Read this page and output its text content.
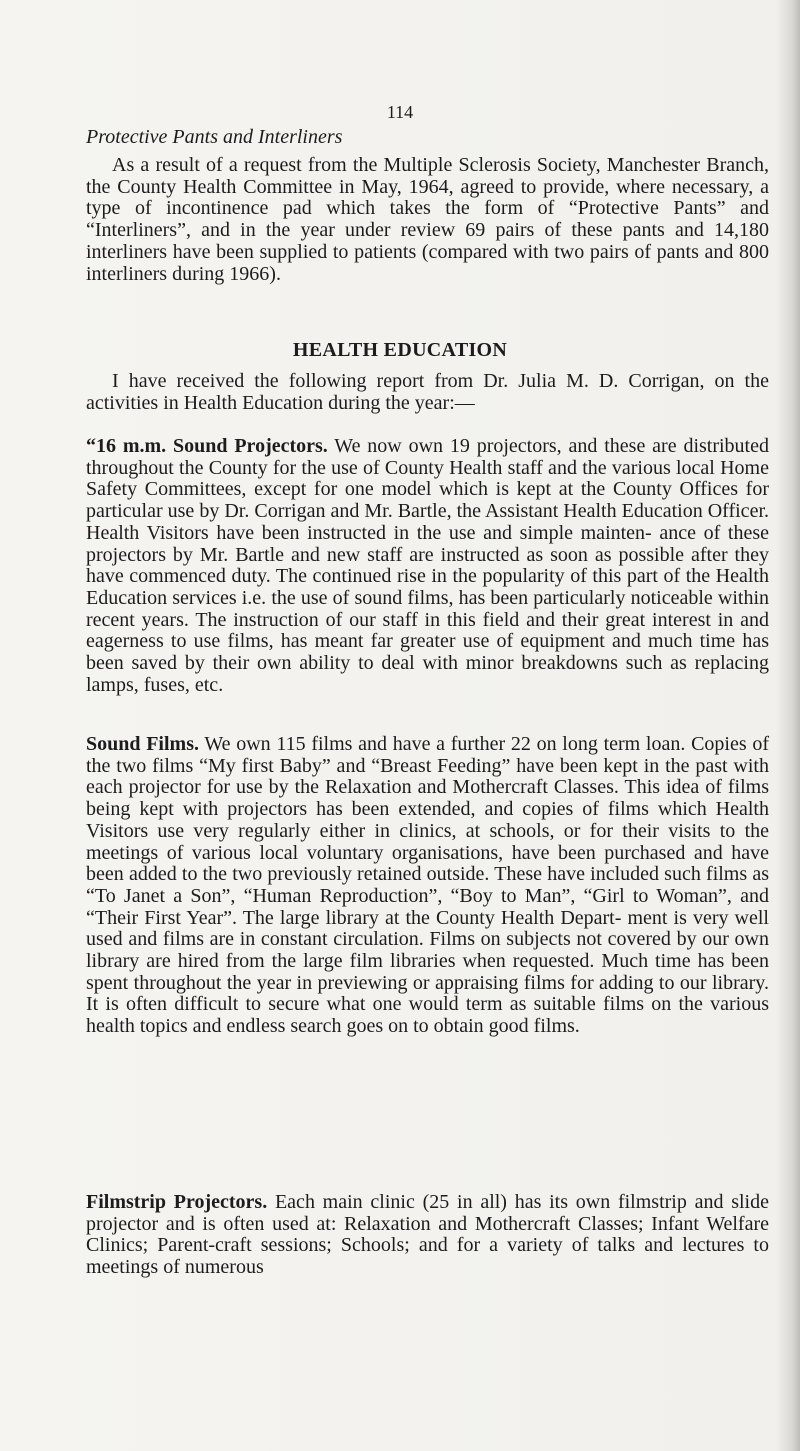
114
Protective Pants and Interliners

As a result of a request from the Multiple Sclerosis Society, Manchester Branch, the County Health Committee in May, 1964, agreed to provide, where necessary, a type of incontinence pad which takes the form of “Protective Pants” and “Interliners”, and in the year under review 69 pairs of these pants and 14,180 interliners have been supplied to patients (compared with two pairs of pants and 800 interliners during 1966).

HEALTH EDUCATION

I have received the following report from Dr. Julia M. D. Corrigan, on the activities in Health Education during the year:—

“16 m.m. Sound Projectors. We now own 19 projectors, and these are distributed throughout the County for the use of County Health staff and the various local Home Safety Committees, except for one model which is kept at the County Offices for particular use by Dr. Corrigan and Mr. Bartle, the Assistant Health Education Officer. Health Visitors have been instructed in the use and simple mainten- ance of these projectors by Mr. Bartle and new staff are instructed as soon as possible after they have commenced duty. The continued rise in the popularity of this part of the Health Education services i.e. the use of sound films, has been particularly noticeable within recent years. The instruction of our staff in this field and their great interest in and eagerness to use films, has meant far greater use of equipment and much time has been saved by their own ability to deal with minor breakdowns such as replacing lamps, fuses, etc.

Sound Films. We own 115 films and have a further 22 on long term loan. Copies of the two films “My first Baby” and “Breast Feeding” have been kept in the past with each projector for use by the Relaxation and Mothercraft Classes. This idea of films being kept with projectors has been extended, and copies of films which Health Visitors use very regularly either in clinics, at schools, or for their visits to the meetings of various local voluntary organisations, have been purchased and have been added to the two previously retained outside. These have included such films as “To Janet a Son”, “Human Reproduction”, “Boy to Man”, “Girl to Woman”, and “Their First Year”. The large library at the County Health Depart- ment is very well used and films are in constant circulation. Films on subjects not covered by our own library are hired from the large film libraries when requested. Much time has been spent throughout the year in previewing or appraising films for adding to our library. It is often difficult to secure what one would term as suitable films on the various health topics and endless search goes on to obtain good films.

Filmstrip Projectors. Each main clinic (25 in all) has its own filmstrip and slide projector and is often used at: Relaxation and Mothercraft Classes; Infant Welfare Clinics; Parent-craft sessions; Schools; and for a variety of talks and lectures to meetings of numerous
